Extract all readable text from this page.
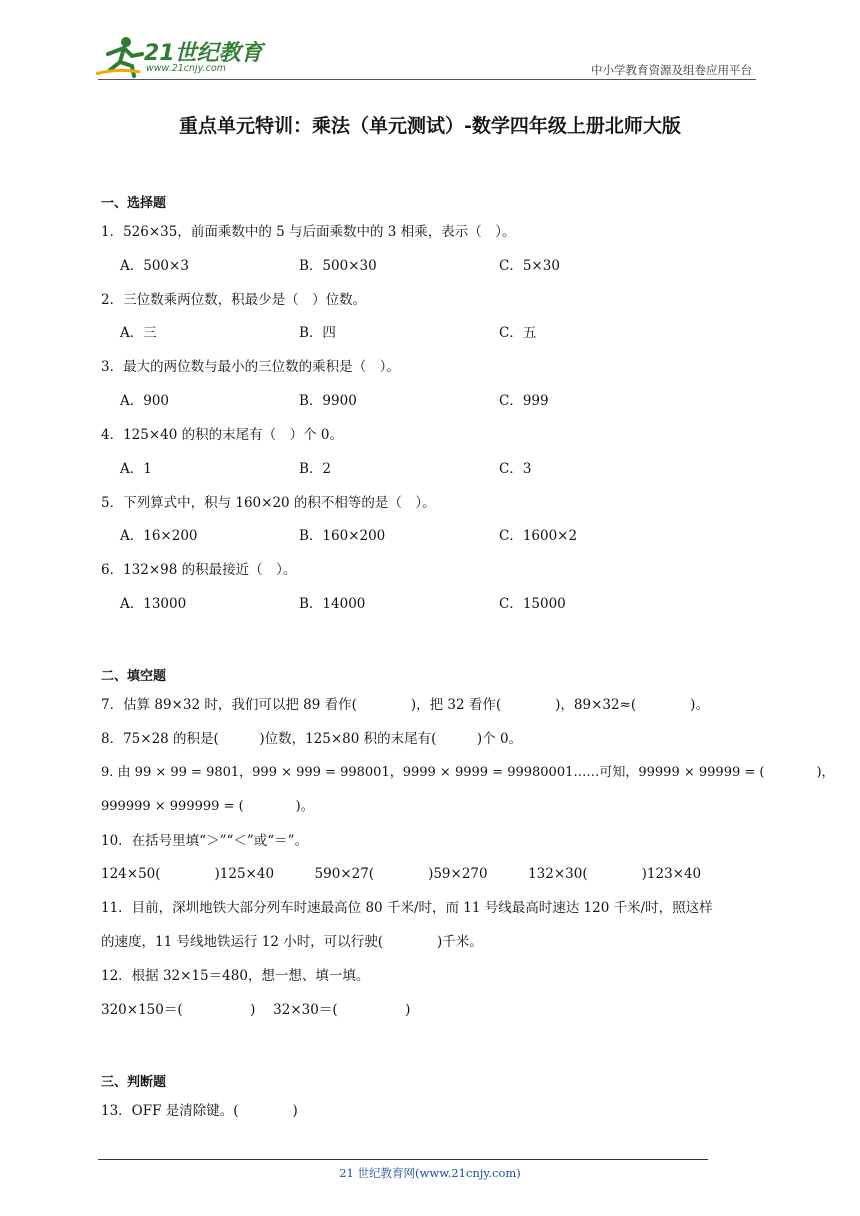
21世纪教育
www.21cnjy.com	中小学教育资源及组卷应用平台
重点单元特训：乘法（单元测试）-数学四年级上册北师大版
一、选择题
1．526×35，前面乘数中的 5 与后面乘数中的 3 相乘，表示（　）。
A．500×3	B．500×30	C．5×30
2．三位数乘两位数，积最少是（　）位数。
A．三	B．四	C．五
3．最大的两位数与最小的三位数的乘积是（　）。
A．900	B．9900	C．999
4．125×40 的积的末尾有（　）个 0。
A．1	B．2	C．3
5．下列算式中，积与 160×20 的积不相等的是（　）。
A．16×200	B．160×200	C．1600×2
6．132×98 的积最接近（　）。
A．13000	B．14000	C．15000
二、填空题
7．估算 89×32 时，我们可以把 89 看作(　　　　)，把 32 看作(　　　　)，89×32≈(　　　　)。
8．75×28 的积是(　　　)位数，125×80 积的末尾有(　　　)个 0。
9. 由 99 × 99 = 9801，999 × 999 = 998001，9999 × 9999 = 99980001……可知，99999 × 99999 = (　　　　)，
999999 × 999999 = (　　　　)。
10．在括号里填“＞”“＜”或“＝”。
124×50(　　　　)125×40　　　590×27(　　　　)59×270　　　132×30(　　　　)123×40
11．目前，深圳地铁大部分列车时速最高位 80 千米/时，而 11 号线最高时速达 120 千米/时，照这样
的速度，11 号线地铁运行 12 小时，可以行驶(　　　　)千米。
12．根据 32×15＝480，想一想、填一填。
320×150＝(　　　　　)　 32×30＝(　　　　　)
三、判断题
13．OFF 是清除键。(　　　　)
21 世纪教育网(www.21cnjy.com)
